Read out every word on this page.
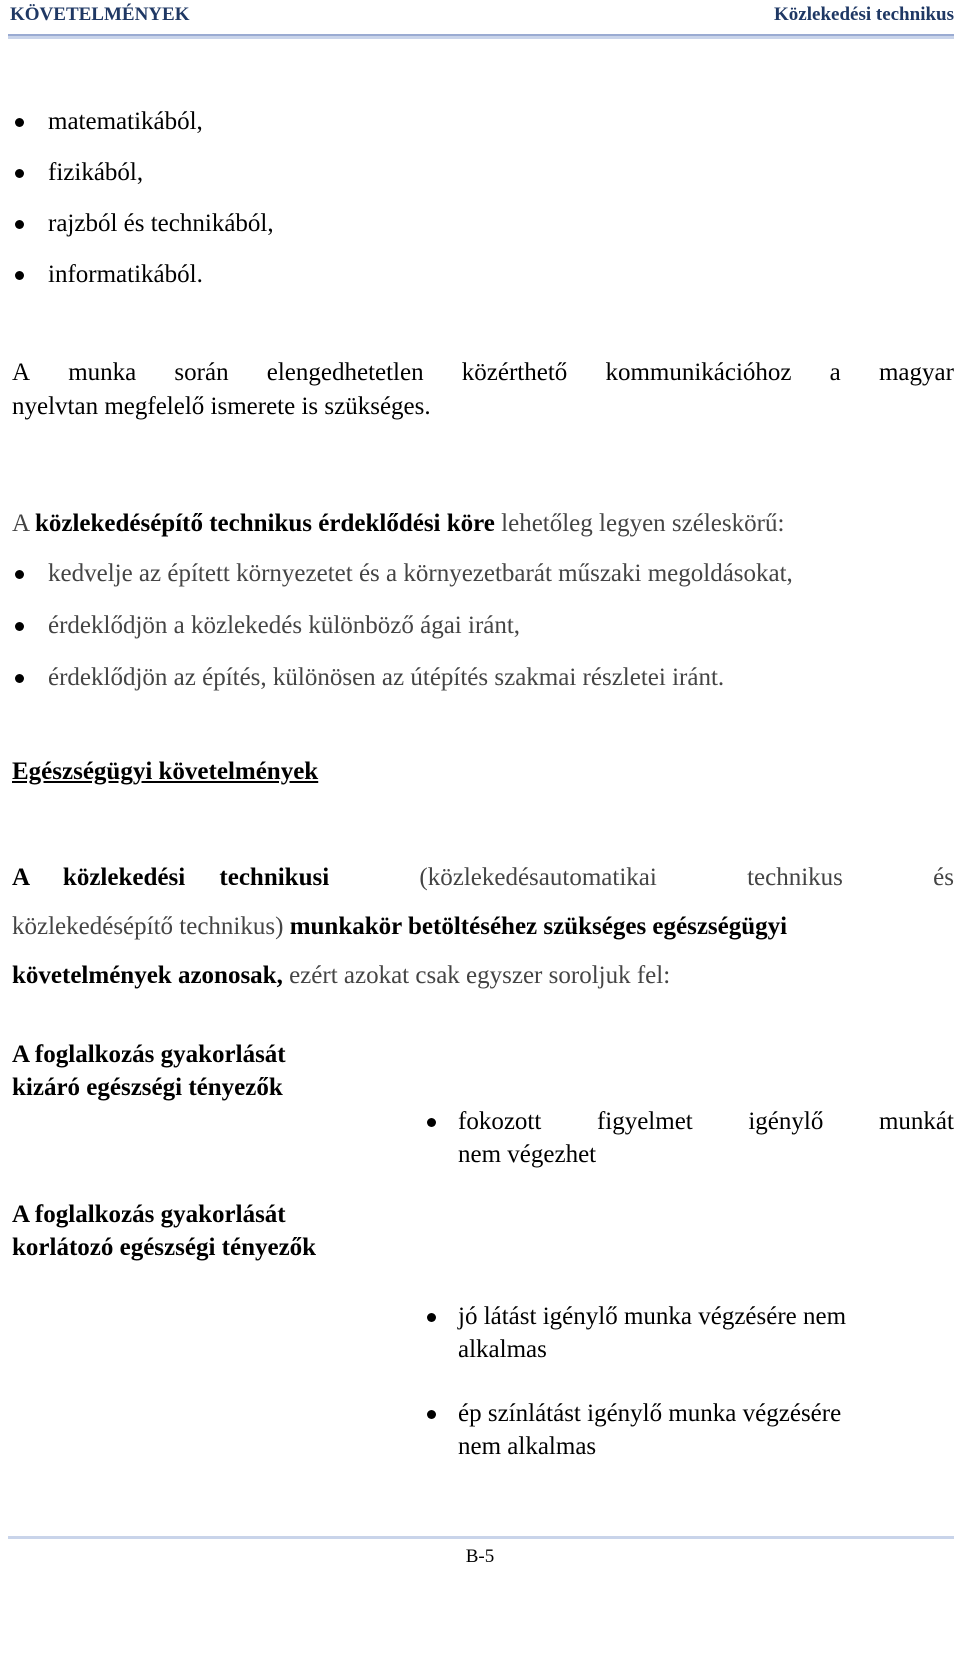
KÖVETELMÉNYEK	Közlekedési technikus
matematikából,
fizikából,
rajzból és technikából,
informatikából.
A munka során elengedhetetlen közérthető kommunikációhoz a magyar
nyelvtan megfelelő ismerete is szükséges.
A közlekedésépítő technikus érdeklődési köre lehetőleg legyen széleskörű:
kedvelje az épített környezetet és a környezetbarát műszaki megoldásokat,
érdeklődjön a közlekedés különböző ágai iránt,
érdeklődjön az építés, különösen az útépítés szakmai részletei iránt.
Egészségügyi követelmények
A közlekedési technikusi	(közlekedésautomatikai	technikus	és
közlekedésépítő technikus) munkakör betöltéséhez szükséges egészségügyi
követelmények azonosak, ezért azokat csak egyszer soroljuk fel:
A foglalkozás gyakorlását kizáró egészségi tényezők
fokozott figyelmet igénylő munkát
nem végezhet
A foglalkozás gyakorlását korlátozó egészségi tényezők
jó látást igénylő munka végzésére nem
alkalmas
ép színlátást igénylő munka végzésére
nem alkalmas
B-5
